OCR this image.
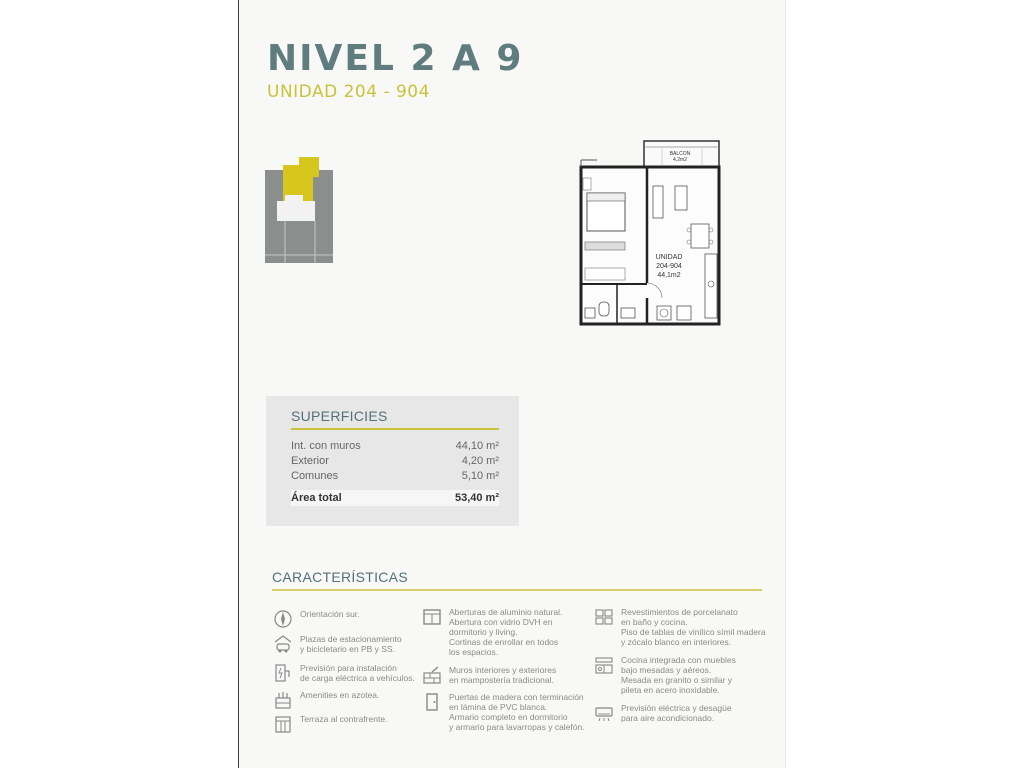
NIVEL 2 A 9
UNIDAD 204 - 904
BALCON
4,2m2
UNIDAD
204-904
44,1m2
SUPERFICIES
Int. con muros	44,10 m²
Exterior	4,20 m²
Comunes	5,10 m²
Área total	53,40 m²
CARACTERÍSTICAS
Orientación sur.
Plazas de estacionamiento
y bicicletario en PB y SS.
Previsión para instalación
de carga eléctrica a vehículos.
Amenities en azotea.
Terraza al contrafrente.
Aberturas de aluminio natural.
Abertura con vidrio DVH en
dormitorio y living.
Cortinas de enrollar en todos
los espacios.
Muros interiores y exteriores
en mampostería tradicional.
Puertas de madera con terminación
en lámina de PVC blanca.
Armario completo en dormitorio
y armario para lavarropas y calefón.
Revestimientos de porcelanato
en baño y cocina.
Piso de tablas de vinílico símil madera
y zócalo blanco en interiores.
Cocina integrada con muebles
bajo mesadas y aéreos.
Mesada en granito o similar y
pileta en acero inoxidable.
Previsión eléctrica y desagüe
para aire acondicionado.
